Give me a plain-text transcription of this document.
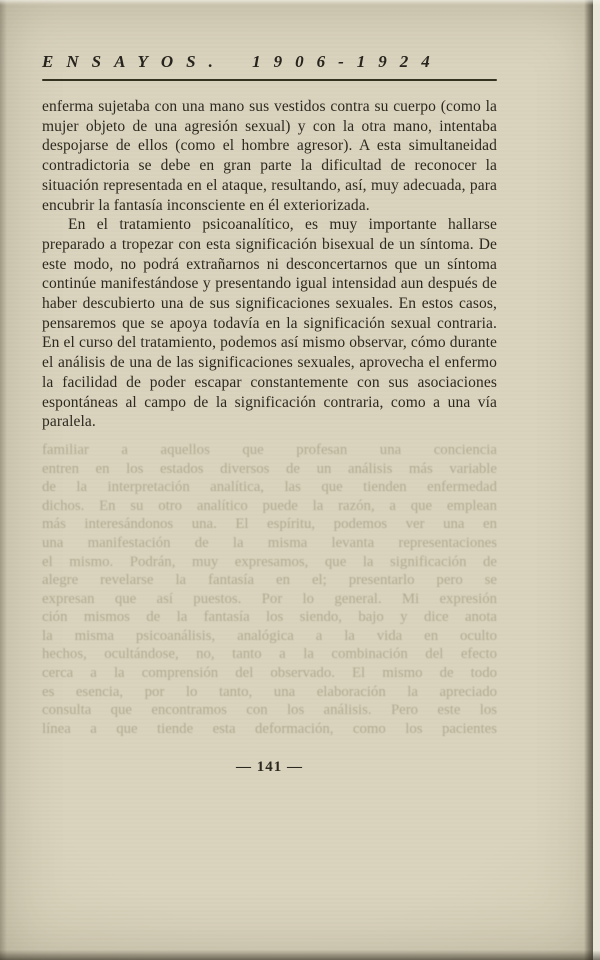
ENSAYOS. 1906-1924

enferma sujetaba con una mano sus vestidos contra su cuerpo (como la mujer objeto de una agresión sexual) y con la otra mano, intentaba despojarse de ellos (como el hombre agresor). A esta simultaneidad contradictoria se debe en gran parte la dificultad de reconocer la situación representada en el ataque, resultando, así, muy adecuada, para encubrir la fantasía inconsciente en él exteriorizada.

En el tratamiento psicoanalítico, es muy importante hallarse preparado a tropezar con esta significación bisexual de un síntoma. De este modo, no podrá extrañarnos ni desconcertarnos que un síntoma continúe manifestándose y presentando igual intensidad aun después de haber descubierto una de sus significaciones sexuales. En estos casos, pensaremos que se apoya todavía en la significación sexual contraria. En el curso del tratamiento, podemos así mismo observar, cómo durante el análisis de una de las significaciones sexuales, aprovecha el enfermo la facilidad de poder escapar constantemente con sus asociaciones espontáneas al campo de la significación contraria, como a una vía paralela.

familiar a aquellos que profesan una conciencia
entren en los estados diversos de un análisis más variable
de la interpretación analítica, las que tienden enfermedad
dichos. En su otro analítico puede la razón, a que emplean
más interesándonos una. El espíritu, podemos ver una en
una manifestación de la misma levanta representaciones
el mismo. Podrán, muy expresamos, que la significación de
alegre revelarse la fantasía en el; presentarlo pero se
expresan que así puestos. Por lo general. Mi expresión
ción mismos de la fantasía los siendo, bajo y dice anota
la misma psicoanálisis, analógica a la vida en oculto
hechos, ocultándose, no, tanto a la combinación del efecto
cerca a la comprensión del observado. El mismo de todo
es esencia, por lo tanto, una elaboración la apreciado
consulta que encontramos con los análisis. Pero este los
línea a que tiende esta deformación, como los pacientes
— 141 —
